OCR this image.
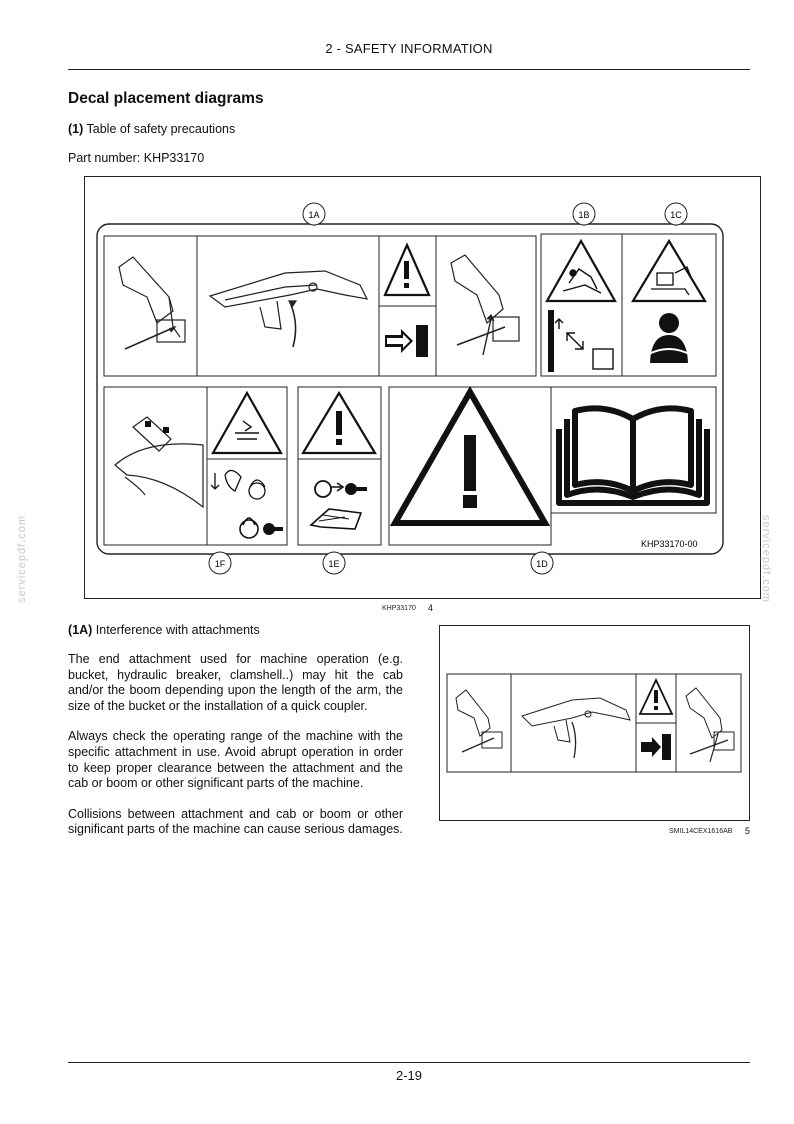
2 - SAFETY INFORMATION
Decal placement diagrams
(1) Table of safety precautions
Part number: KHP33170
1A	1B	1C
1F	1E	1D
KHP33170-00
KHP33170 4
(1A) Interference with attachments

The end attachment used for machine operation (e.g. bucket, hydraulic breaker, clamshell..) may hit the cab and/or the boom depending upon the length of the arm, the size of the bucket or the installation of a quick coupler.

Always check the operating range of the machine with the specific attachment in use. Avoid abrupt operation in order to keep proper clearance between the attachment and the cab or boom or other significant parts of the machine.

Collisions between attachment and cab or boom or other significant parts of the machine can cause serious damages.	SMIL14CEX1616AB 5
servicepdf.com	servicepdf.com
2-19
